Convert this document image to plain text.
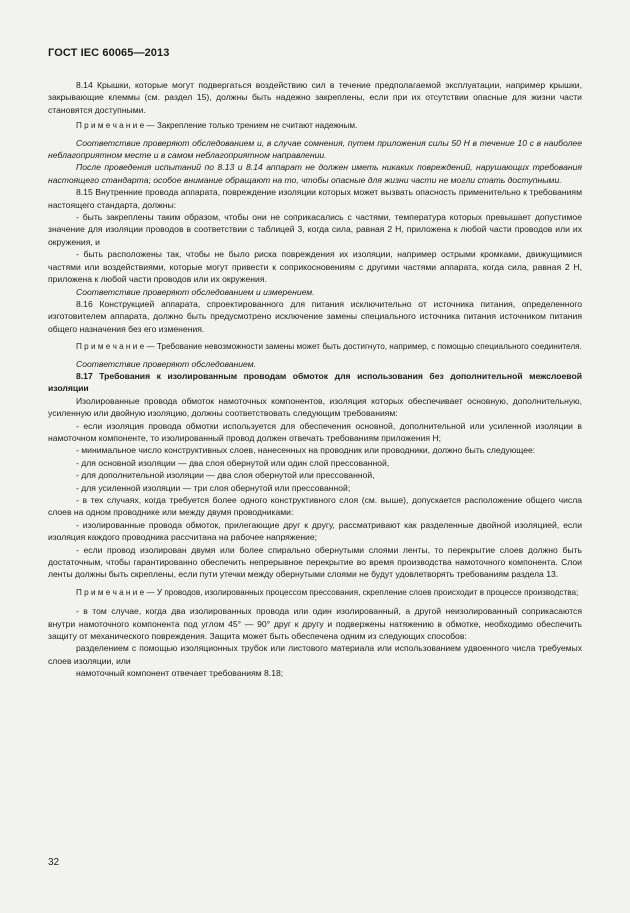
ГОСТ IEC 60065—2013

8.14 Крышки, которые могут подвергаться воздействию сил в течение предполагаемой эксплуатации, например крышки, закрывающие клеммы (см. раздел 15), должны быть надежно закреплены, если при их отсутствии опасные для жизни части становятся доступными.

П р и м е ч а н и е — Закрепление только трением не считают надежным.

Соответствие проверяют обследованием и, в случае сомнения, путем приложения силы 50 Н в течение 10 с в наиболее неблагоприятном месте и в самом неблагоприятном направлении.

После проведения испытаний по 8.13 и 8.14 аппарат не должен иметь никаких повреждений, нарушающих требования настоящего стандарта; особое внимание обращают на то, чтобы опасные для жизни части не могли стать доступными.

8.15 Внутренние провода аппарата, повреждение изоляции которых может вызвать опасность применительно к требованиям настоящего стандарта, должны:

- быть закреплены таким образом, чтобы они не соприкасались с частями, температура которых превышает допустимое значение для изоляции проводов в соответствии с таблицей 3, когда сила, равная 2 Н, приложена к любой части проводов или их окружения, и

- быть расположены так, чтобы не было риска повреждения их изоляции, например острыми кромками, движущимися частями или воздействиями, которые могут привести к соприкосновениям с другими частями аппарата, когда сила, равная 2 Н, приложена к любой части проводов или их окружения.

Соответствие проверяют обследованием и измерением.

8.16 Конструкцией аппарата, спроектированного для питания исключительно от источника питания, определенного изготовителем аппарата, должно быть предусмотрено исключение замены специального источника питания источником питания общего назначения без его изменения.

П р и м е ч а н и е — Требование невозможности замены может быть достигнуто, например, с помощью специального соединителя.

Соответствие проверяют обследованием.

8.17 Требования к изолированным проводам обмоток для использования без дополнительной межслоевой изоляции

Изолированные провода обмоток намоточных компонентов, изоляция которых обеспечивает основную, дополнительную, усиленную или двойную изоляцию, должны соответствовать следующим требованиям:

- если изоляция провода обмотки используется для обеспечения основной, дополнительной или усиленной изоляции в намоточном компоненте, то изолированный провод должен отвечать требованиям приложения Н;

- минимальное число конструктивных слоев, нанесенных на проводник или проводники, должно быть следующее:

- для основной изоляции — два слоя обернутой или один слой прессованной,

- для дополнительной изоляции — два слоя обернутой или прессованной,

- для усиленной изоляции — три слоя обернутой или прессованной;

- в тех случаях, когда требуется более одного конструктивного слоя (см. выше), допускается расположение общего числа слоев на одном проводнике или между двумя проводниками:

- изолированные провода обмоток, прилегающие друг к другу, рассматривают как разделенные двойной изоляцией, если изоляция каждого проводника рассчитана на рабочее напряжение;

- если провод изолирован двумя или более спирально обернутыми слоями ленты, то перекрытие слоев должно быть достаточным, чтобы гарантированно обеспечить непрерывное перекрытие во время производства намоточного компонента. Слои ленты должны быть скреплены, если пути утечки между обернутыми слоями не будут удовлетворять требованиям раздела 13.

П р и м е ч а н и е — У проводов, изолированных процессом прессования, скрепление слоев происходит в процессе производства;

- в том случае, когда два изолированных провода или один изолированный, а другой неизолированный соприкасаются внутри намоточного компонента под углом 45° — 90° друг к другу и подвержены натяжению в обмотке, необходимо обеспечить защиту от механического повреждения. Защита может быть обеспечена одним из следующих способов:

разделением с помощью изоляционных трубок или листового материала или использованием удвоенного числа требуемых слоев изоляции, или

намоточный компонент отвечает требованиям 8.18;

32
